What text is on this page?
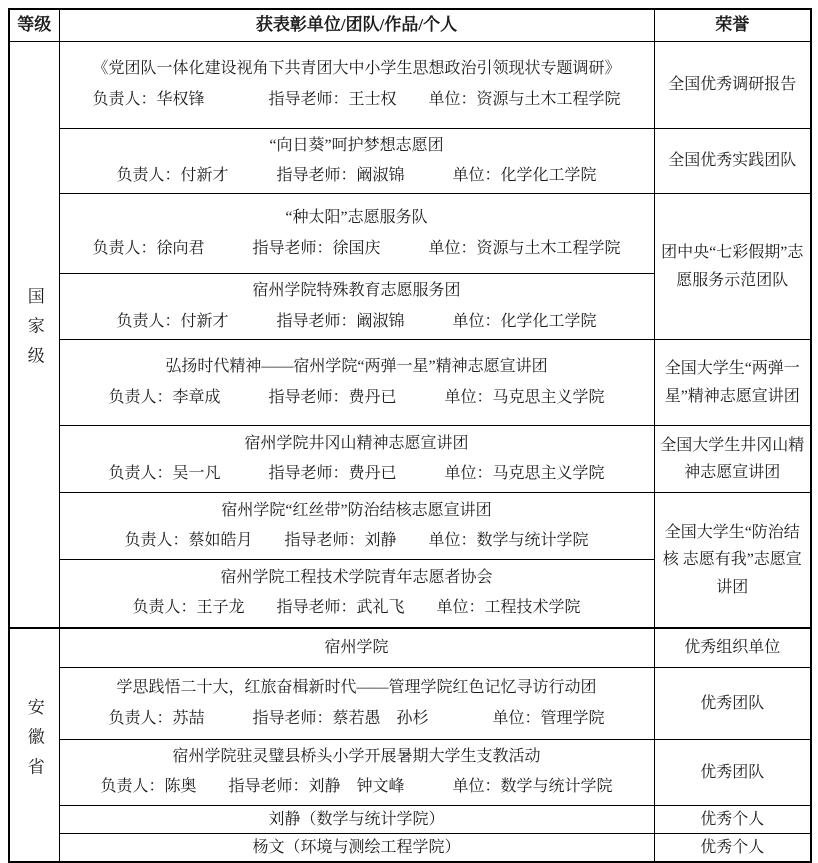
等级	获表彰单位/团队/作品/个人	荣誉
国家级	《党团队一体化建设视角下共青团大中小学生思想政治引领现状专题调研》
负责人：华权锋　　　　指导老师：王士权　　单位：资源与土木工程学院	全国优秀调研报告

	“向日葵”呵护梦想志愿团
负责人：付新才　　　指导老师：阚淑锦　　　单位：化学化工学院	全国优秀实践团队

	“种太阳”志愿服务队
负责人：徐向君　　　指导老师：徐国庆　　　单位：资源与土木工程学院	团中央“七彩假期”志愿服务示范团队

	宿州学院特殊教育志愿服务团
负责人：付新才　　　指导老师：阚淑锦　　　单位：化学化工学院	

	弘扬时代精神——宿州学院“两弹一星”精神志愿宣讲团
负责人：李章成　　　指导老师：费丹已　　　单位：马克思主义学院	全国大学生“两弹一星”精神志愿宣讲团

	宿州学院井冈山精神志愿宣讲团
负责人：吴一凡　　　指导老师：费丹已　　　单位：马克思主义学院	全国大学生井冈山精神志愿宣讲团

	宿州学院“红丝带”防治结核志愿宣讲团
负责人：蔡如皓月　　指导老师：刘静　　单位：数学与统计学院	全国大学生“防治结核 志愿有我”志愿宣讲团

	宿州学院工程技术学院青年志愿者协会
负责人：王子龙　　指导老师：武礼飞　　单位：工程技术学院	

安徽省	宿州学院	优秀组织单位

	学思践悟二十大，红旅奋楫新时代——管理学院红色记忆寻访行动团
负责人：苏喆　　　指导老师：蔡若愚　孙杉　　　　单位：管理学院	优秀团队

	宿州学院驻灵璧县桥头小学开展暑期大学生支教活动
负责人：陈奥　　指导老师：刘静　钟文峰　　　单位：数学与统计学院	优秀团队

	刘静（数学与统计学院）	优秀个人

	杨文（环境与测绘工程学院）	优秀个人
